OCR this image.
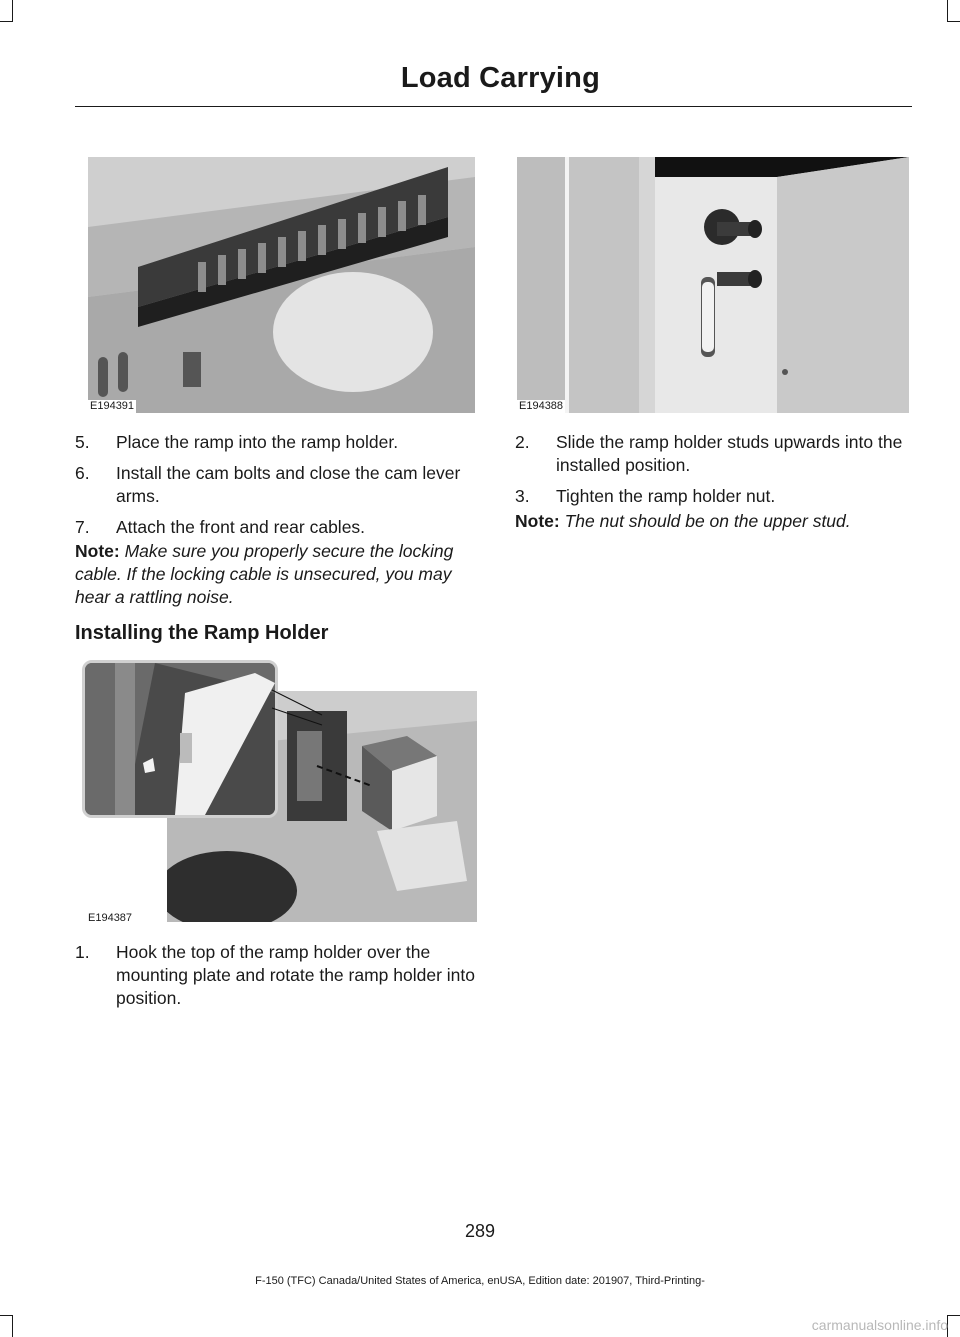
Load Carrying
E194391	E194388
5. Place the ramp into the ramp holder.
6. Install the cam bolts and close the cam lever arms.
7. Attach the front and rear cables.
Note: Make sure you properly secure the locking cable. If the locking cable is unsecured, you may hear a rattling noise.
Installing the Ramp Holder
E194387
1. Hook the top of the ramp holder over the mounting plate and rotate the ramp holder into position.
2. Slide the ramp holder studs upwards into the installed position.
3. Tighten the ramp holder nut.
Note: The nut should be on the upper stud.
289
F-150 (TFC) Canada/United States of America, enUSA, Edition date: 201907, Third-Printing-
carmanualsonline.info
